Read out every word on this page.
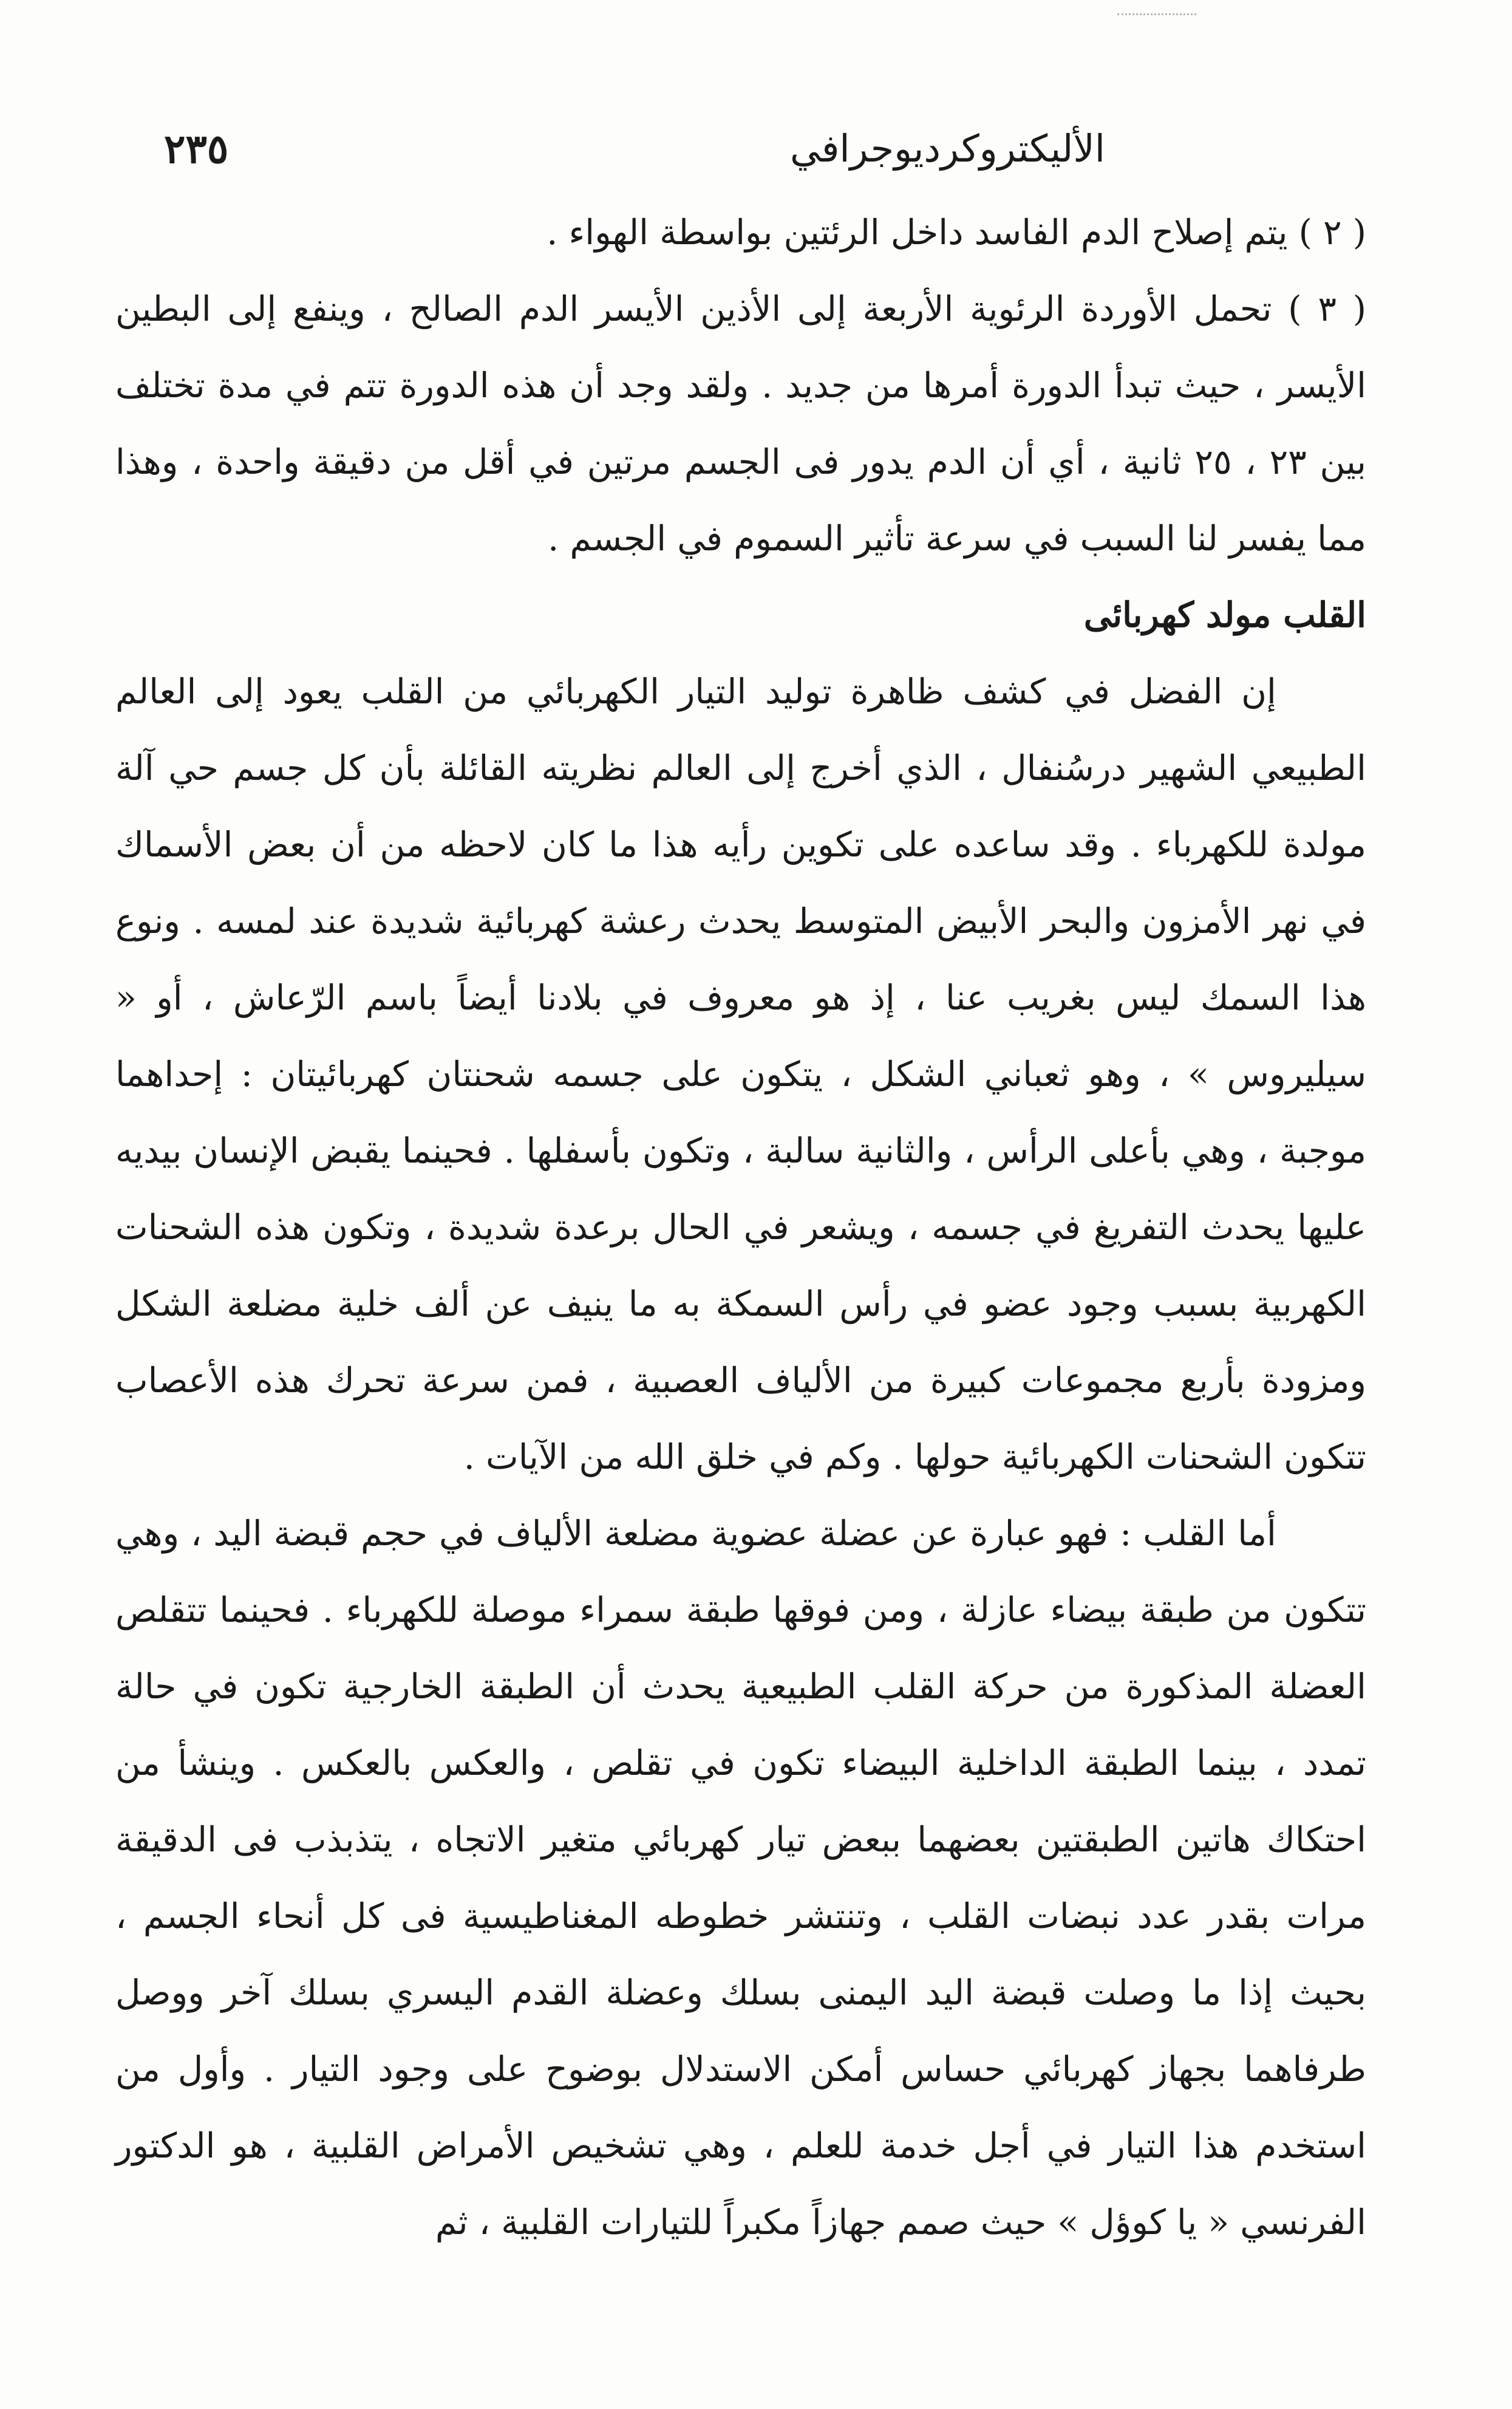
الأليكتروكرديوجرافي
٢٣٥

( ٢ ) يتم إصلاح الدم الفاسد داخل الرئتين بواسطة الهواء .

( ٣ ) تحمل الأوردة الرئوية الأربعة إلى الأذين الأيسر الدم الصالح ، وينفع إلى البطين الأيسر ، حيث تبدأ الدورة أمرها من جديد . ولقد وجد أن هذه الدورة تتم في مدة تختلف بين ٢٣ ، ٢٥ ثانية ، أي أن الدم يدور فى الجسم مرتين في أقل من دقيقة واحدة ، وهذا مما يفسر لنا السبب في سرعة تأثير السموم في الجسم .

القلب مولد كهربائى

إن الفضل في كشف ظاهرة توليد التيار الكهربائي من القلب يعود إلى العالم الطبيعي الشهير درسُنفال ، الذي أخرج إلى العالم نظريته القائلة بأن كل جسم حي آلة مولدة للكهرباء . وقد ساعده على تكوين رأيه هذا ما كان لاحظه من أن بعض الأسماك في نهر الأمزون والبحر الأبيض المتوسط يحدث رعشة كهربائية شديدة عند لمسه . ونوع هذا السمك ليس بغريب عنا ، إذ هو معروف في بلادنا أيضاً باسم الرّعاش ، أو « سيليروس » ، وهو ثعباني الشكل ، يتكون على جسمه شحنتان كهربائيتان : إحداهما موجبة ، وهي بأعلى الرأس ، والثانية سالبة ، وتكون بأسفلها . فحينما يقبض الإنسان بيديه عليها يحدث التفريغ في جسمه ، ويشعر في الحال برعدة شديدة ، وتكون هذه الشحنات الكهربية بسبب وجود عضو في رأس السمكة به ما ينيف عن ألف خلية مضلعة الشكل ومزودة بأربع مجموعات كبيرة من الألياف العصبية ، فمن سرعة تحرك هذه الأعصاب تتكون الشحنات الكهربائية حولها . وكم في خلق الله من الآيات .

أما القلب : فهو عبارة عن عضلة عضوية مضلعة الألياف في حجم قبضة اليد ، وهي تتكون من طبقة بيضاء عازلة ، ومن فوقها طبقة سمراء موصلة للكهرباء . فحينما تتقلص العضلة المذكورة من حركة القلب الطبيعية يحدث أن الطبقة الخارجية تكون في حالة تمدد ، بينما الطبقة الداخلية البيضاء تكون في تقلص ، والعكس بالعكس . وينشأ من احتكاك هاتين الطبقتين بعضهما ببعض تيار كهربائي متغير الاتجاه ، يتذبذب فى الدقيقة مرات بقدر عدد نبضات القلب ، وتنتشر خطوطه المغناطيسية فى كل أنحاء الجسم ، بحيث إذا ما وصلت قبضة اليد اليمنى بسلك وعضلة القدم اليسري بسلك آخر ووصل طرفاهما بجهاز كهربائي حساس أمكن الاستدلال بوضوح على وجود التيار . وأول من استخدم هذا التيار في أجل خدمة للعلم ، وهي تشخيص الأمراض القلبية ، هو الدكتور الفرنسي « يا كوؤل » حيث صمم جهازاً مكبراً للتيارات القلبية ، ثم
